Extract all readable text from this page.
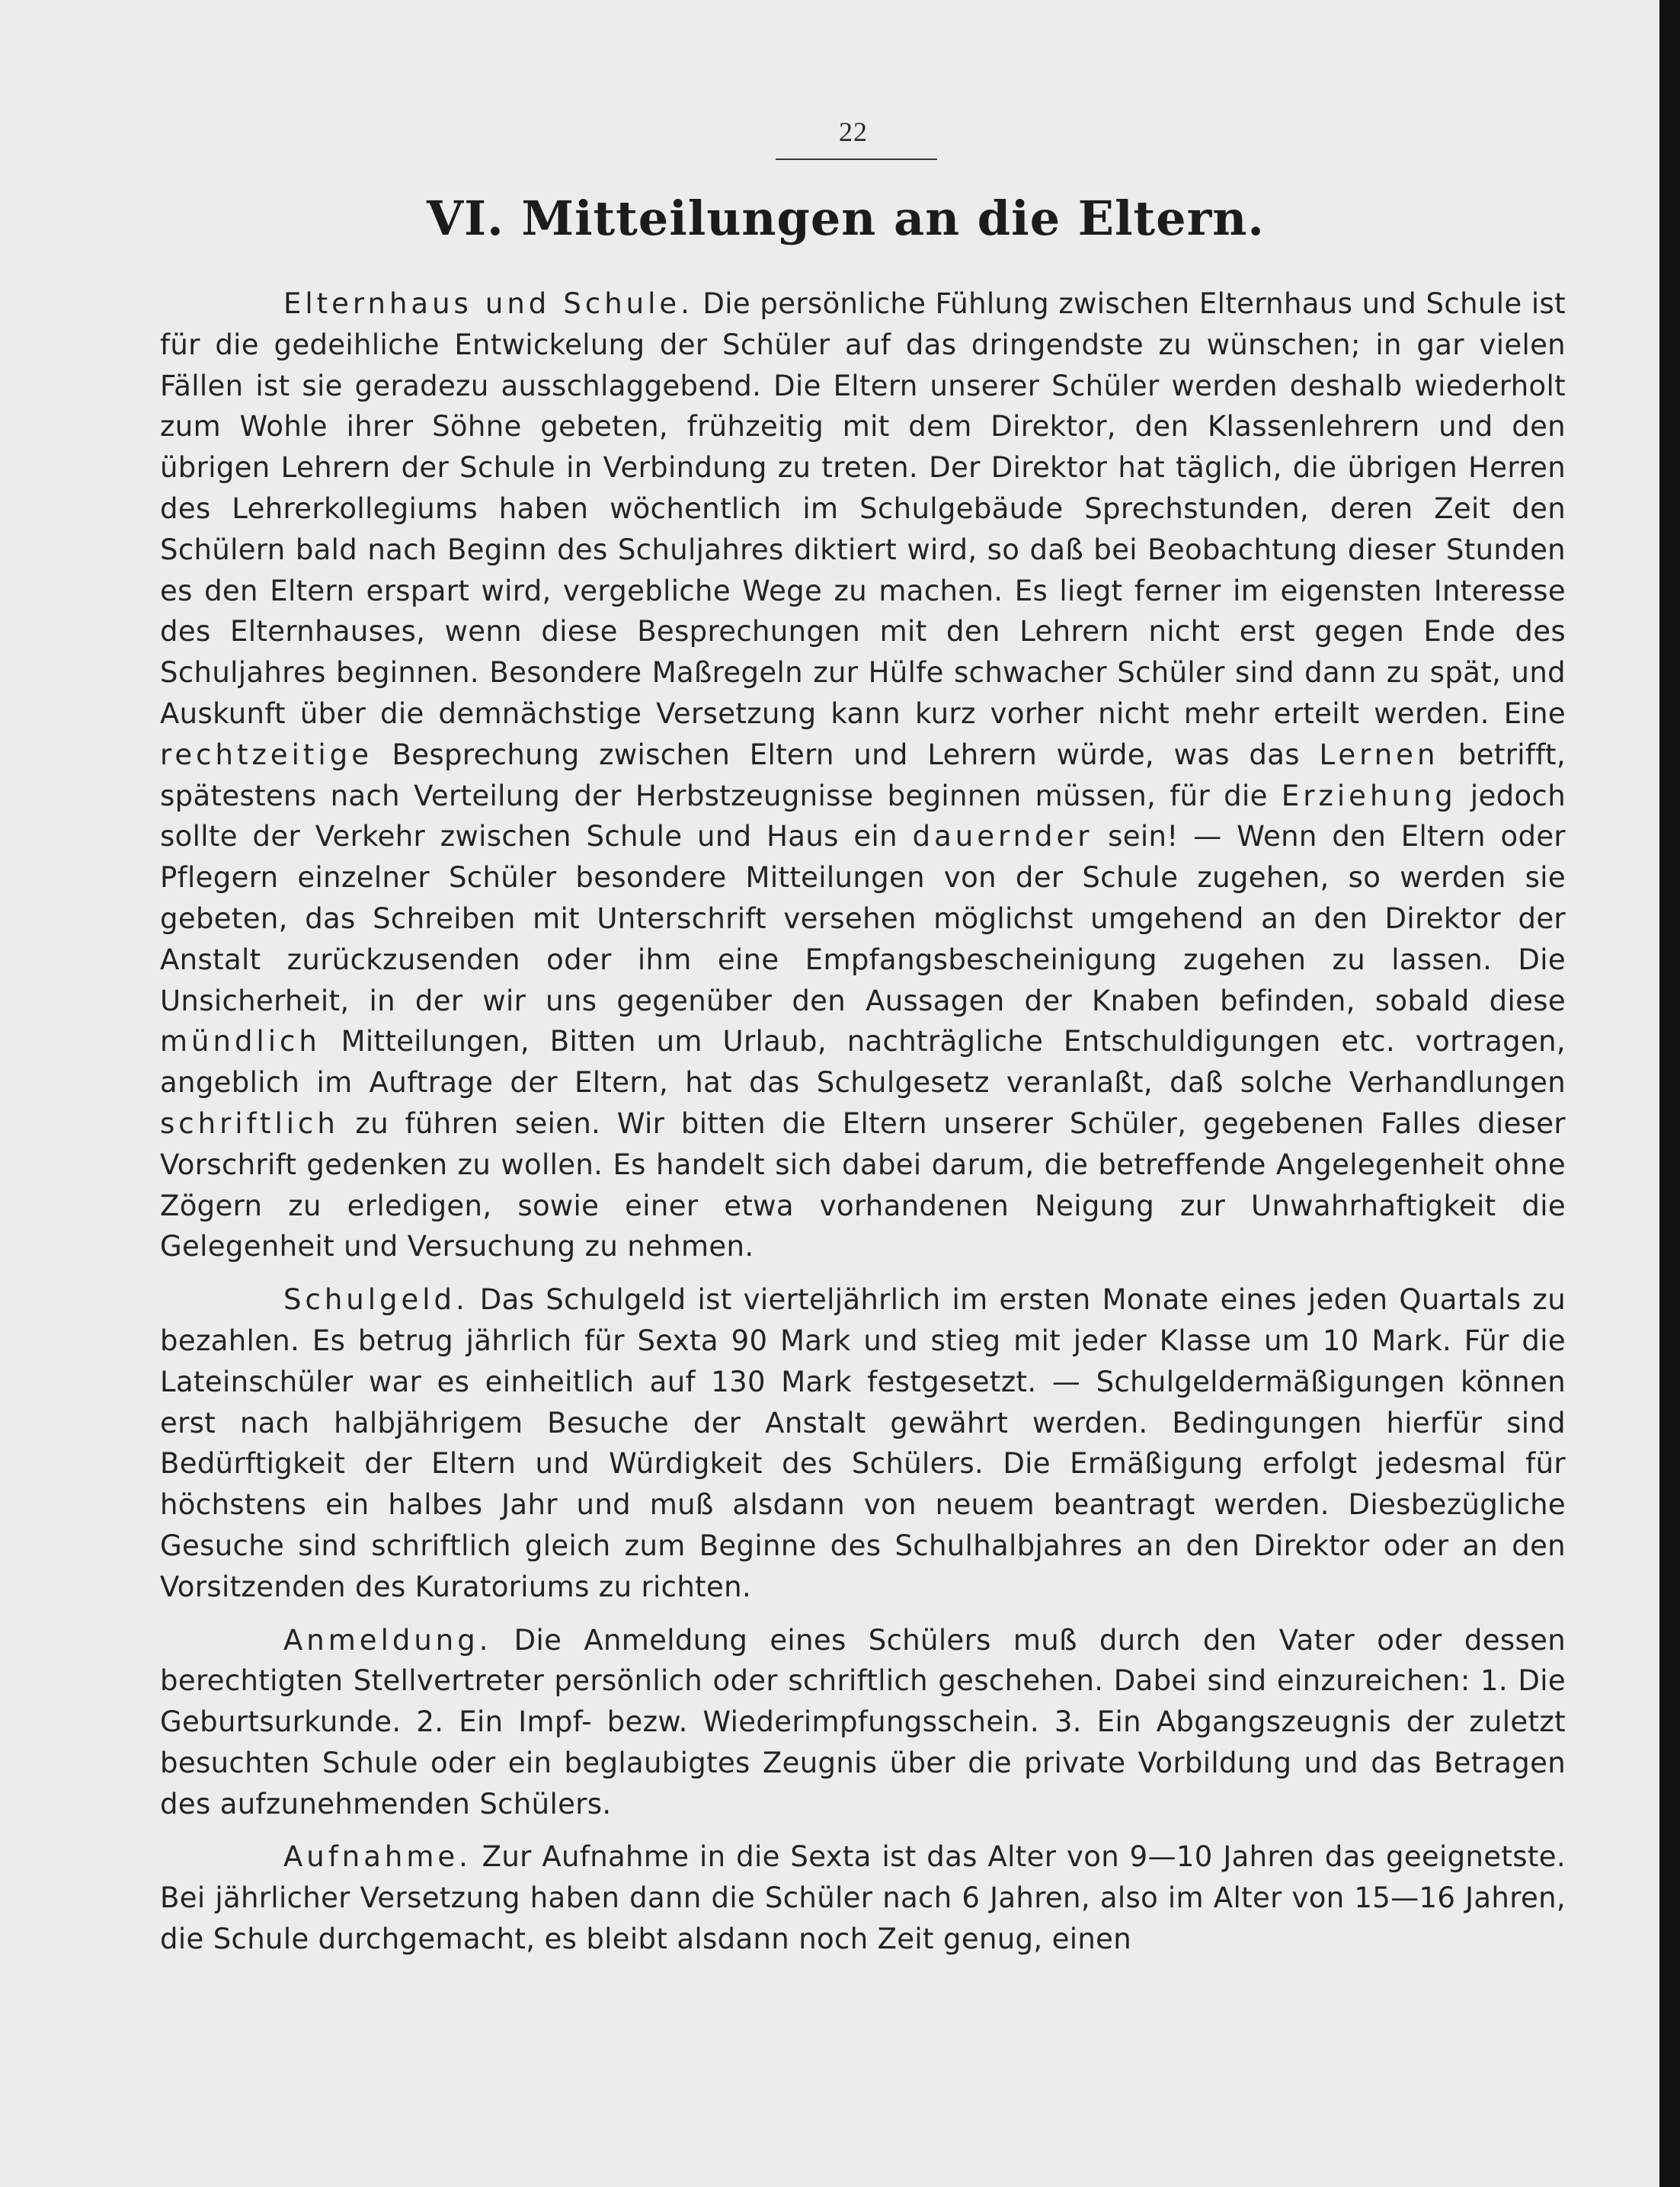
22
VI. Mitteilungen an die Eltern.

Elternhaus und Schule. Die persönliche Fühlung zwischen Elternhaus und Schule ist für die gedeihliche Entwickelung der Schüler auf das dringendste zu wünschen; in gar vielen Fällen ist sie geradezu ausschlaggebend. Die Eltern unserer Schüler werden deshalb wiederholt zum Wohle ihrer Söhne gebeten, frühzeitig mit dem Direktor, den Klassenlehrern und den übrigen Lehrern der Schule in Verbindung zu treten. Der Direktor hat täglich, die übrigen Herren des Lehrerkollegiums haben wöchentlich im Schulgebäude Sprechstunden, deren Zeit den Schülern bald nach Beginn des Schuljahres diktiert wird, so daß bei Beobachtung dieser Stunden es den Eltern erspart wird, vergebliche Wege zu machen. Es liegt ferner im eigensten Interesse des Elternhauses, wenn diese Besprechungen mit den Lehrern nicht erst gegen Ende des Schuljahres beginnen. Besondere Maßregeln zur Hülfe schwacher Schüler sind dann zu spät, und Auskunft über die demnächstige Versetzung kann kurz vorher nicht mehr erteilt werden. Eine rechtzeitige Besprechung zwischen Eltern und Lehrern würde, was das Lernen betrifft, spätestens nach Verteilung der Herbstzeugnisse beginnen müssen, für die Erziehung jedoch sollte der Verkehr zwischen Schule und Haus ein dauernder sein! — Wenn den Eltern oder Pflegern einzelner Schüler besondere Mitteilungen von der Schule zugehen, so werden sie gebeten, das Schreiben mit Unterschrift versehen möglichst umgehend an den Direktor der Anstalt zurückzusenden oder ihm eine Empfangsbescheinigung zugehen zu lassen. Die Unsicherheit, in der wir uns gegenüber den Aussagen der Knaben befinden, sobald diese mündlich Mitteilungen, Bitten um Urlaub, nachträgliche Entschuldigungen etc. vortragen, angeblich im Auftrage der Eltern, hat das Schulgesetz veranlaßt, daß solche Verhandlungen schriftlich zu führen seien. Wir bitten die Eltern unserer Schüler, gegebenen Falles dieser Vorschrift gedenken zu wollen. Es handelt sich dabei darum, die betreffende Angelegenheit ohne Zögern zu erledigen, sowie einer etwa vorhandenen Neigung zur Unwahrhaftigkeit die Gelegenheit und Versuchung zu nehmen.

Schulgeld. Das Schulgeld ist vierteljährlich im ersten Monate eines jeden Quartals zu bezahlen. Es betrug jährlich für Sexta 90 Mark und stieg mit jeder Klasse um 10 Mark. Für die Lateinschüler war es einheitlich auf 130 Mark festgesetzt. — Schulgeldermäßigungen können erst nach halbjährigem Besuche der Anstalt gewährt werden. Bedingungen hierfür sind Bedürftigkeit der Eltern und Würdigkeit des Schülers. Die Ermäßigung erfolgt jedesmal für höchstens ein halbes Jahr und muß alsdann von neuem beantragt werden. Diesbezügliche Gesuche sind schriftlich gleich zum Beginne des Schulhalbjahres an den Direktor oder an den Vorsitzenden des Kuratoriums zu richten.

Anmeldung. Die Anmeldung eines Schülers muß durch den Vater oder dessen berechtigten Stellvertreter persönlich oder schriftlich geschehen. Dabei sind einzureichen: 1. Die Geburtsurkunde. 2. Ein Impf- bezw. Wiederimpfungsschein. 3. Ein Abgangszeugnis der zuletzt besuchten Schule oder ein beglaubigtes Zeugnis über die private Vorbildung und das Betragen des aufzunehmenden Schülers.

Aufnahme. Zur Aufnahme in die Sexta ist das Alter von 9—10 Jahren das geeignetste. Bei jährlicher Versetzung haben dann die Schüler nach 6 Jahren, also im Alter von 15—16 Jahren, die Schule durchgemacht, es bleibt alsdann noch Zeit genug, einen
